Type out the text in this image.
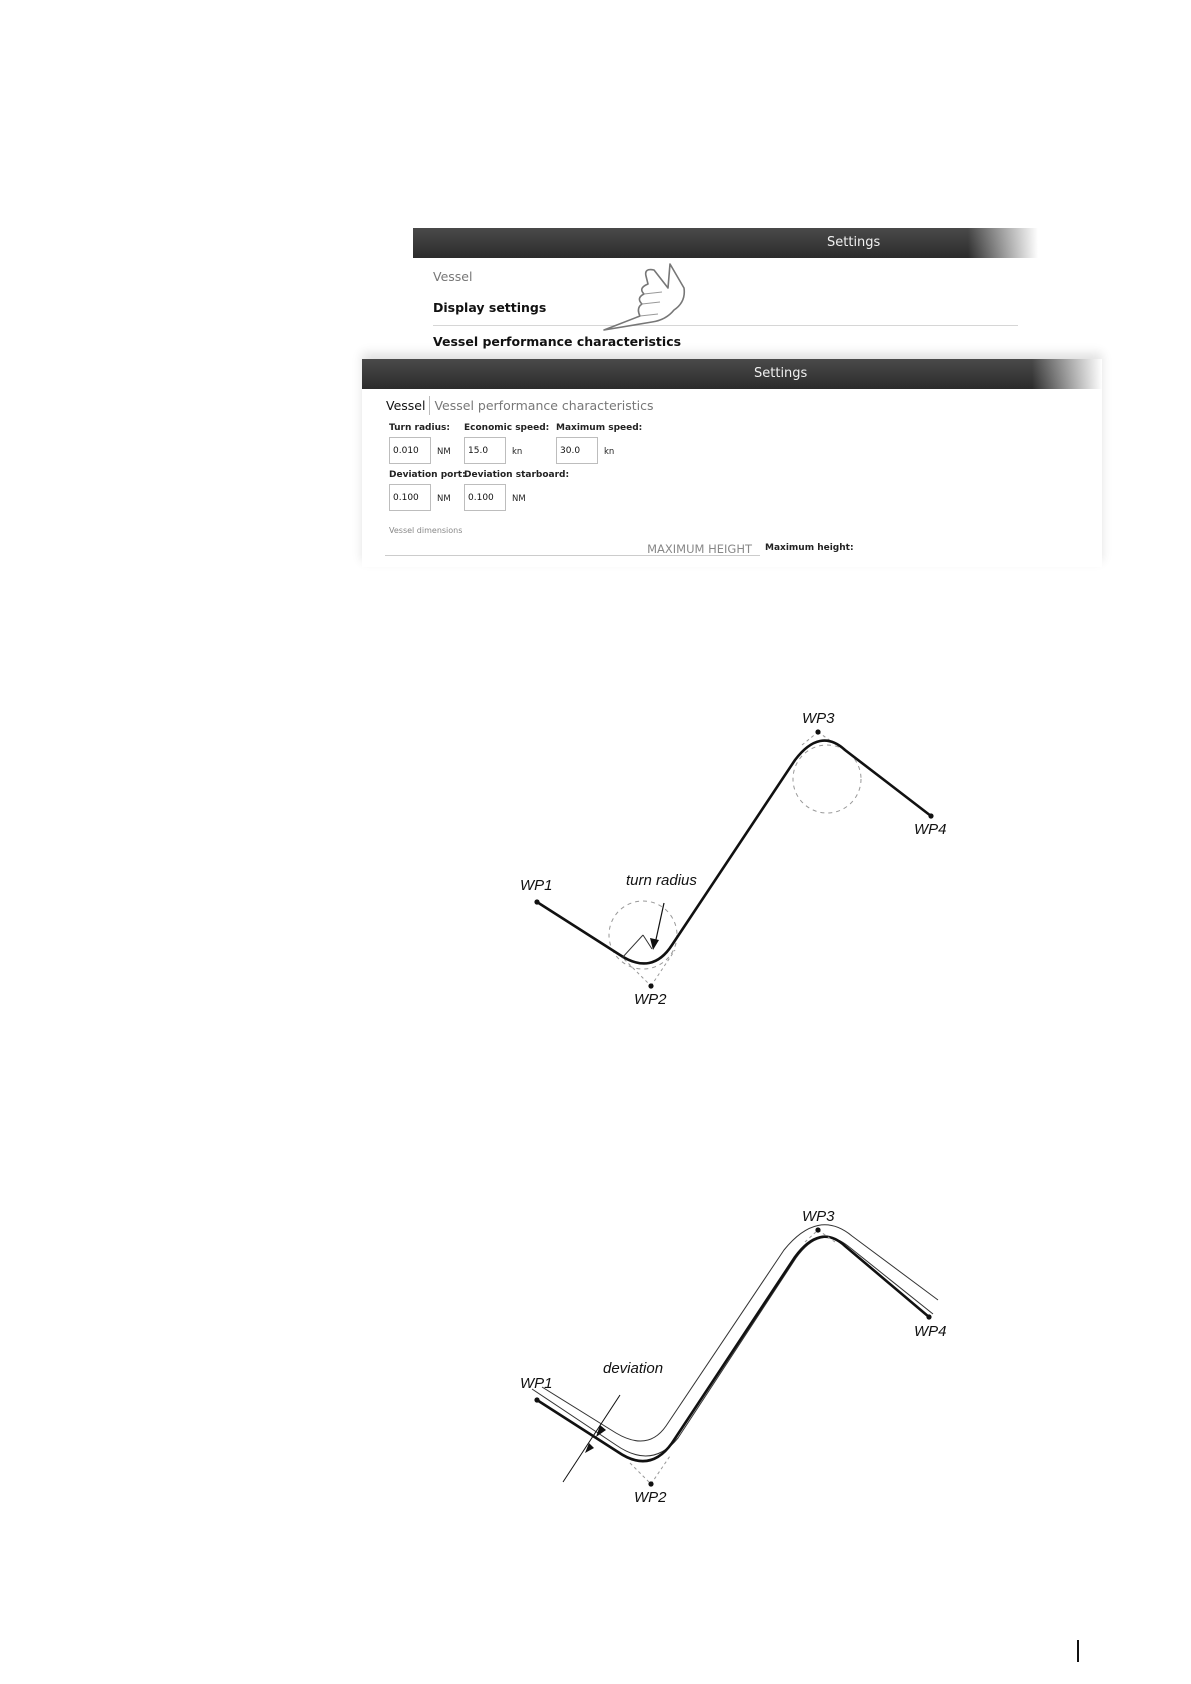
Settings
Vessel
Display settings
Vessel performance characteristics
Settings
Vessel Vessel performance characteristics
Turn radius:
0.010	NM
Economic speed:
15.0	kn
Maximum speed:
30.0	kn
Deviation port:
0.100	NM
Deviation starboard:
0.100	NM
Vessel dimensions
MAXIMUM HEIGHT Maximum height:
WP1
WP2
WP3
WP4
turn radius
WP1
WP2
WP3
WP4
deviation
